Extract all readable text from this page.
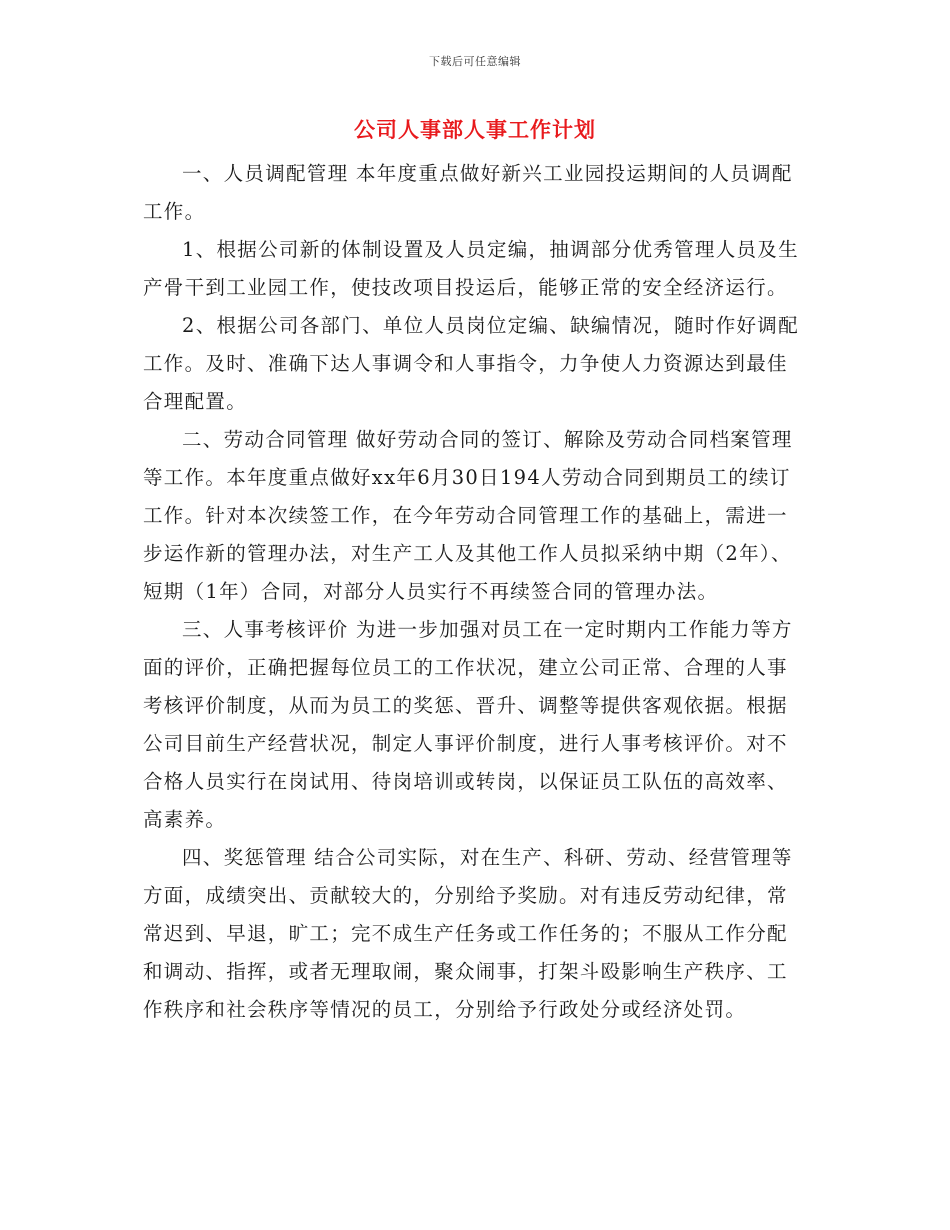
下载后可任意编辑
公司人事部人事工作计划

一、人员调配管理 本年度重点做好新兴工业园投运期间的人员调配工作。

1、根据公司新的体制设置及人员定编，抽调部分优秀管理人员及生产骨干到工业园工作，使技改项目投运后，能够正常的安全经济运行。

2、根据公司各部门、单位人员岗位定编、缺编情况，随时作好调配工作。及时、准确下达人事调令和人事指令，力争使人力资源达到最佳合理配置。

二、劳动合同管理 做好劳动合同的签订、解除及劳动合同档案管理等工作。本年度重点做好xx年6月30日194人劳动合同到期员工的续订工作。针对本次续签工作，在今年劳动合同管理工作的基础上，需进一步运作新的管理办法，对生产工人及其他工作人员拟采纳中期（2年）、短期（1年）合同，对部分人员实行不再续签合同的管理办法。

三、人事考核评价 为进一步加强对员工在一定时期内工作能力等方面的评价，正确把握每位员工的工作状况，建立公司正常、合理的人事考核评价制度，从而为员工的奖惩、晋升、调整等提供客观依据。根据公司目前生产经营状况，制定人事评价制度，进行人事考核评价。对不合格人员实行在岗试用、待岗培训或转岗，以保证员工队伍的高效率、高素养。

四、奖惩管理 结合公司实际，对在生产、科研、劳动、经营管理等方面，成绩突出、贡献较大的，分别给予奖励。对有违反劳动纪律，常常迟到、早退，旷工；完不成生产任务或工作任务的；不服从工作分配和调动、指挥，或者无理取闹，聚众闹事，打架斗殴影响生产秩序、工作秩序和社会秩序等情况的员工，分别给予行政处分或经济处罚。
